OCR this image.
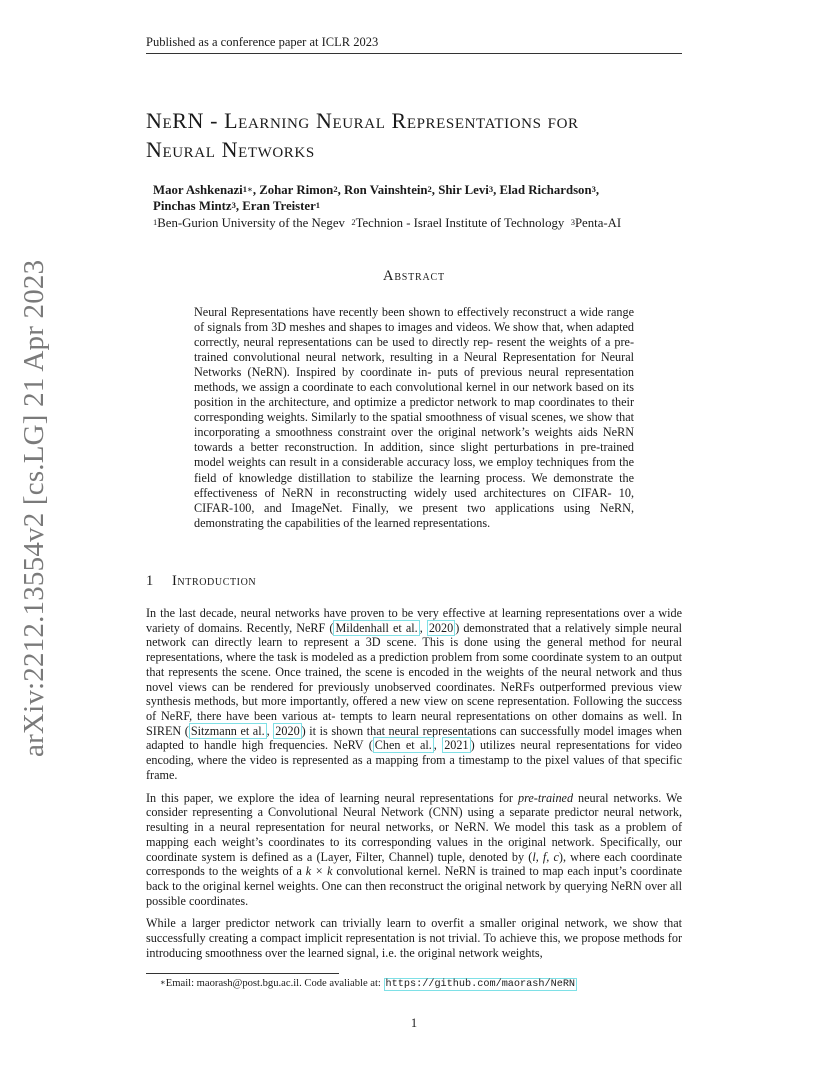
Published as a conference paper at ICLR 2023
arXiv:2212.13554v2 [cs.LG] 21 Apr 2023
NeRN - Learning Neural Representations for
Neural Networks
Maor Ashkenazi$^{1∗}$, Zohar Rimon$^2$, Ron Vainshtein$^2$, Shir Levi$^3$, Elad Richardson$^3$,
Pinchas Mintz$^3$, Eran Treister$^1$
$^1$Ben-Gurion University of the Negev $^2$Technion - Israel Institute of Technology $^3$Penta-AI
Abstract
Neural Representations have recently been shown to effectively reconstruct a wide range of signals from 3D meshes and shapes to images and videos. We show that, when adapted correctly, neural representations can be used to directly rep- resent the weights of a pre-trained convolutional neural network, resulting in a Neural Representation for Neural Networks (NeRN). Inspired by coordinate in- puts of previous neural representation methods, we assign a coordinate to each convolutional kernel in our network based on its position in the architecture, and optimize a predictor network to map coordinates to their corresponding weights. Similarly to the spatial smoothness of visual scenes, we show that incorporating a smoothness constraint over the original network’s weights aids NeRN towards a better reconstruction. In addition, since slight perturbations in pre-trained model weights can result in a considerable accuracy loss, we employ techniques from the field of knowledge distillation to stabilize the learning process. We demonstrate the effectiveness of NeRN in reconstructing widely used architectures on CIFAR- 10, CIFAR-100, and ImageNet. Finally, we present two applications using NeRN, demonstrating the capabilities of the learned representations.
1 Introduction

In the last decade, neural networks have proven to be very effective at learning representations over a wide variety of domains. Recently, NeRF ( Mildenhall et al. , 2020 ) demonstrated that a relatively simple neural network can directly learn to represent a 3D scene. This is done using the general method for neural representations, where the task is modeled as a prediction problem from some coordinate system to an output that represents the scene. Once trained, the scene is encoded in the weights of the neural network and thus novel views can be rendered for previously unobserved coordinates. NeRFs outperformed previous view synthesis methods, but more importantly, offered a new view on scene representation. Following the success of NeRF, there have been various at- tempts to learn neural representations on other domains as well. In SIREN ( Sitzmann et al. , 2020 ) it is shown that neural representations can successfully model images when adapted to handle high frequencies. NeRV ( Chen et al. , 2021 ) utilizes neural representations for video encoding, where the video is represented as a mapping from a timestamp to the pixel values of that specific frame.

In this paper, we explore the idea of learning neural representations for pre-trained neural networks. We consider representing a Convolutional Neural Network (CNN) using a separate predictor neural network, resulting in a neural representation for neural networks, or NeRN. We model this task as a problem of mapping each weight’s coordinates to its corresponding values in the original network. Specifically, our coordinate system is defined as a (Layer, Filter, Channel) tuple, denoted by (l, f, c), where each coordinate corresponds to the weights of a k × k convolutional kernel. NeRN is trained to map each input’s coordinate back to the original kernel weights. One can then reconstruct the original network by querying NeRN over all possible coordinates.

While a larger predictor network can trivially learn to overfit a smaller original network, we show that successfully creating a compact implicit representation is not trivial. To achieve this, we propose methods for introducing smoothness over the learned signal, i.e. the original network weights,

∗Email: maorash@post.bgu.ac.il. Code avaliable at: https://github.com/maorash/NeRN
1
